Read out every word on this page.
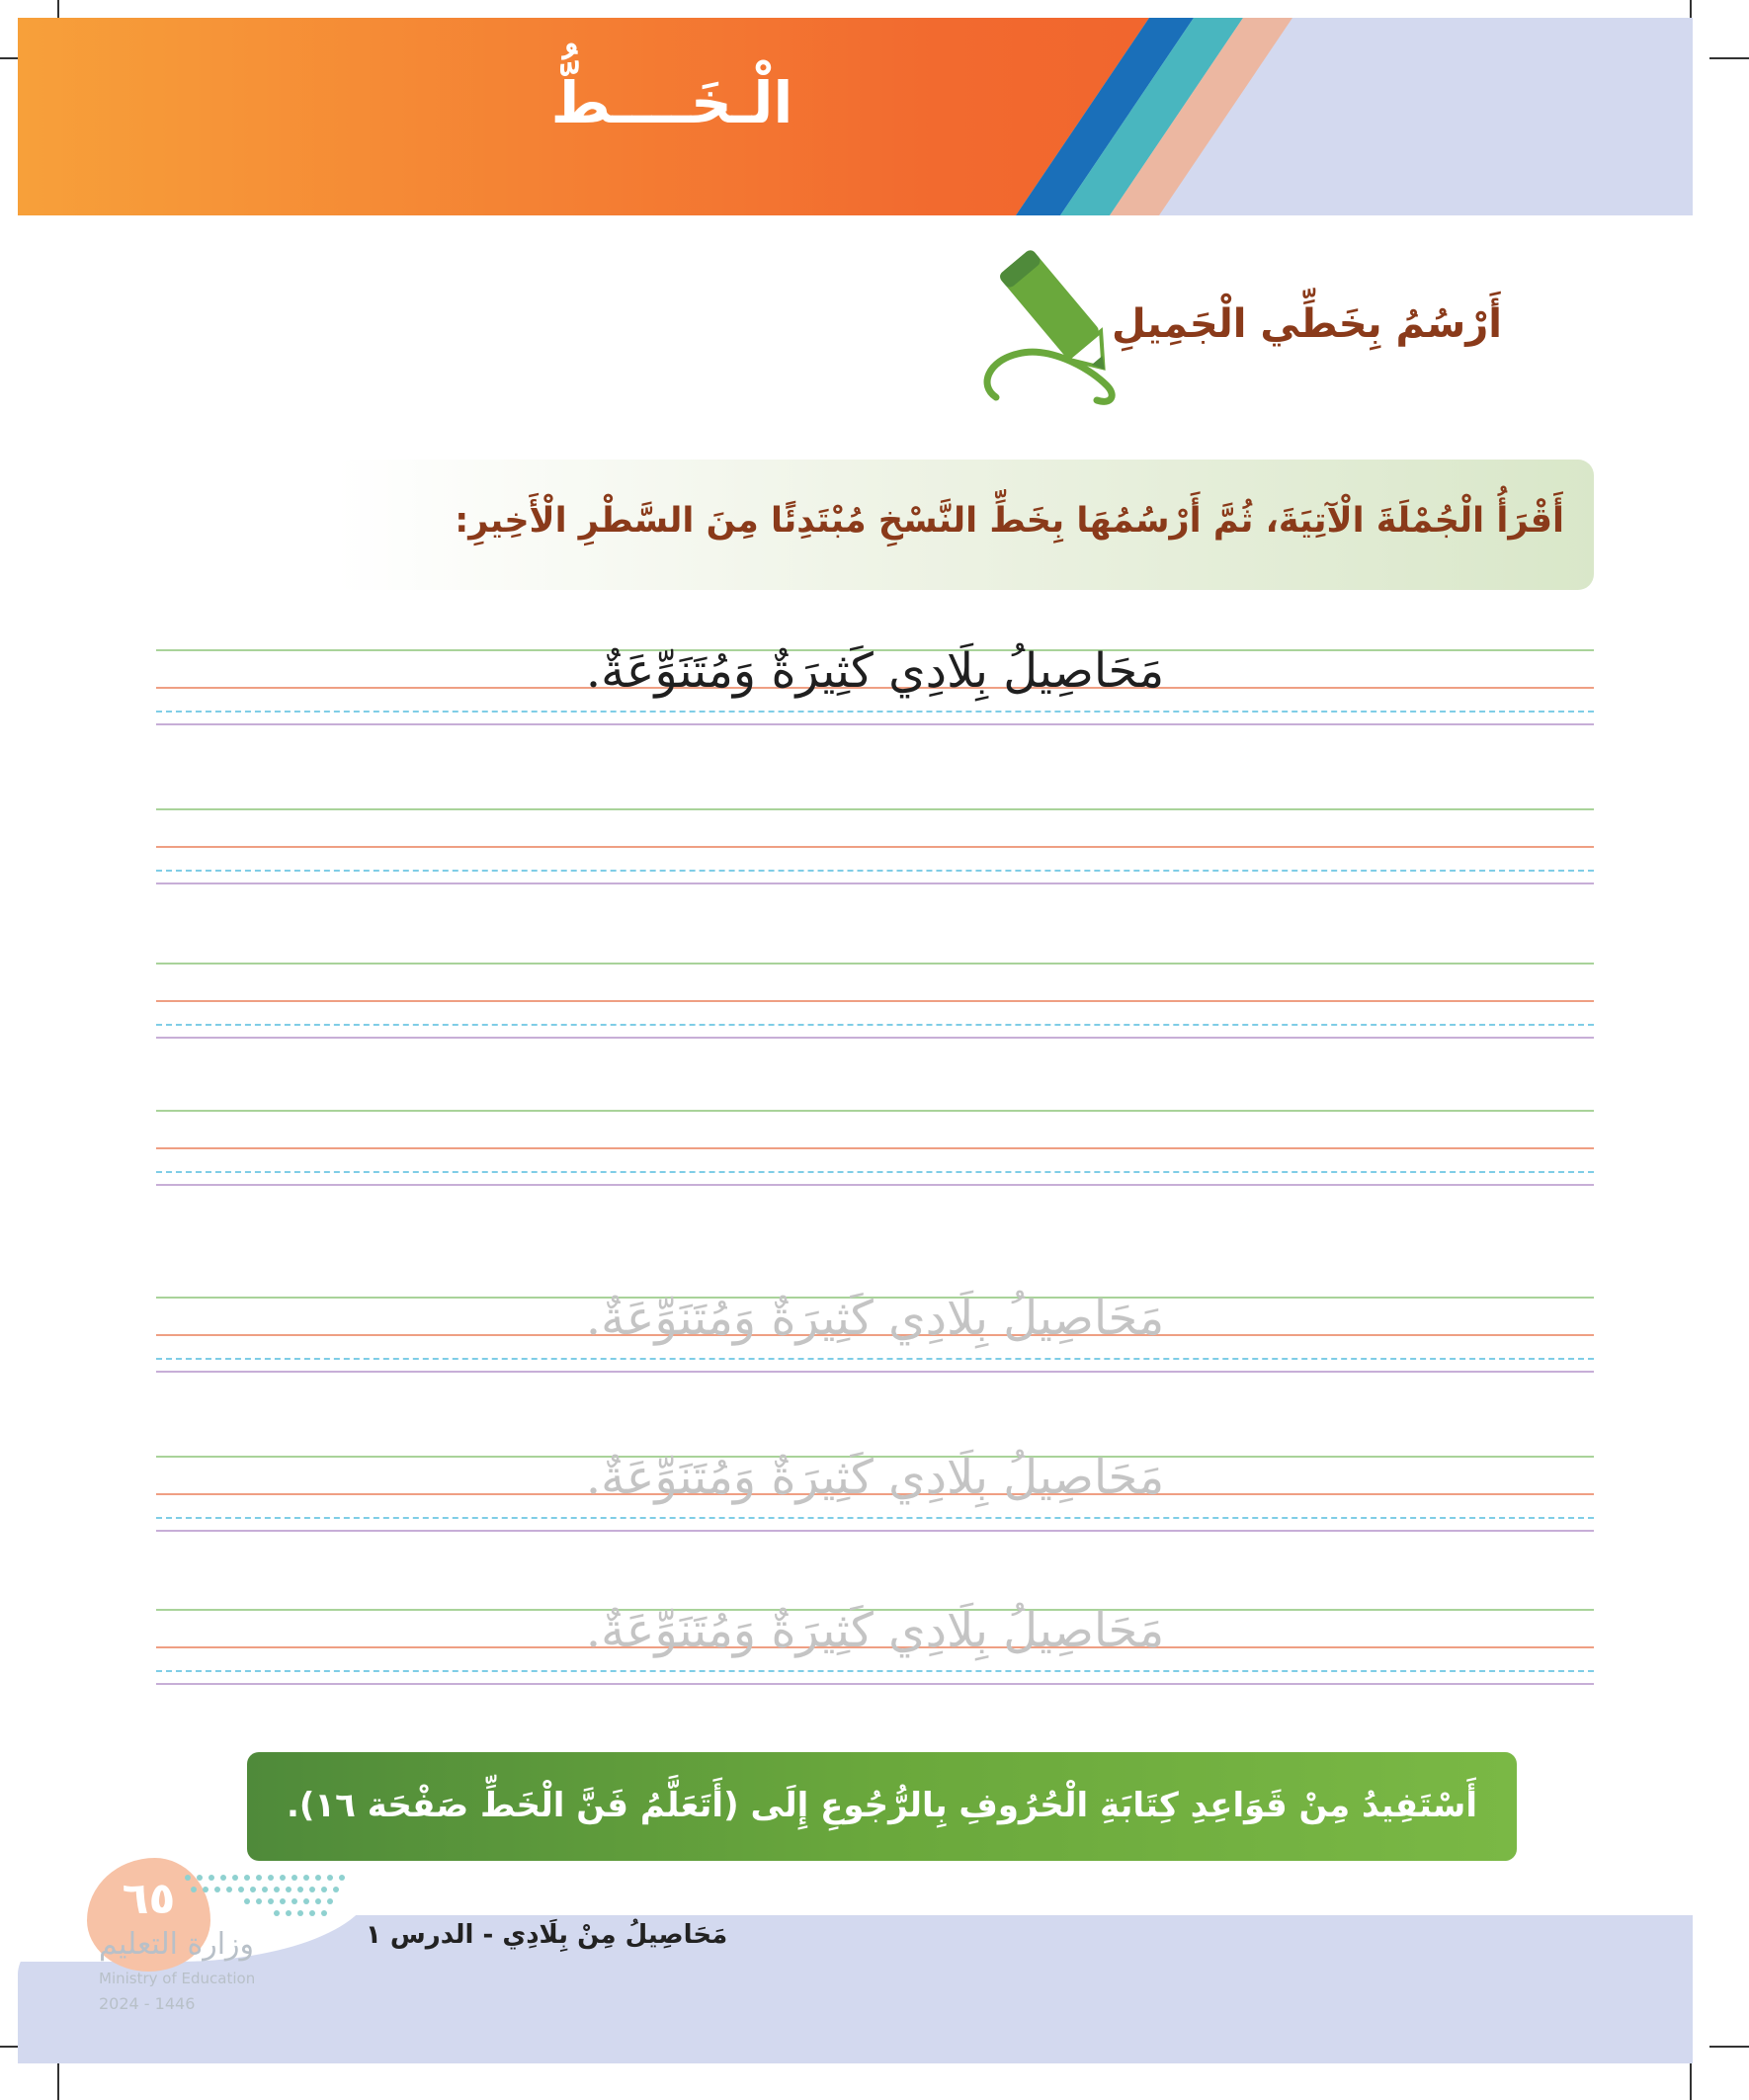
الْـخَــــطُّ
أَرْسُمُ بِخَطِّي الْجَمِيلِ
أَقْرَأُ الْجُمْلَةَ الْآتِيَةَ، ثُمَّ أَرْسُمُهَا بِخَطِّ النَّسْخِ مُبْتَدِئًا مِنَ السَّطْرِ الْأَخِيرِ:
مَحَاصِيلُ بِلَادِي كَثِيرَةٌ وَمُتَنَوِّعَةٌ.
مَحَاصِيلُ بِلَادِي كَثِيرَةٌ وَمُتَنَوِّعَةٌ.
مَحَاصِيلُ بِلَادِي كَثِيرَةٌ وَمُتَنَوِّعَةٌ.
مَحَاصِيلُ بِلَادِي كَثِيرَةٌ وَمُتَنَوِّعَةٌ.
أَسْتَفِيدُ مِنْ قَوَاعِدِ كِتَابَةِ الْحُرُوفِ بِالرُّجُوعِ إِلَى (أَتَعَلَّمُ فَنَّ الْخَطِّ صَفْحَة ١٦).
٦٥
وزارة التعليم
Ministry of Education
2024 - 1446
مَحَاصِيلُ مِنْ بِلَادِي - الدرس ١
